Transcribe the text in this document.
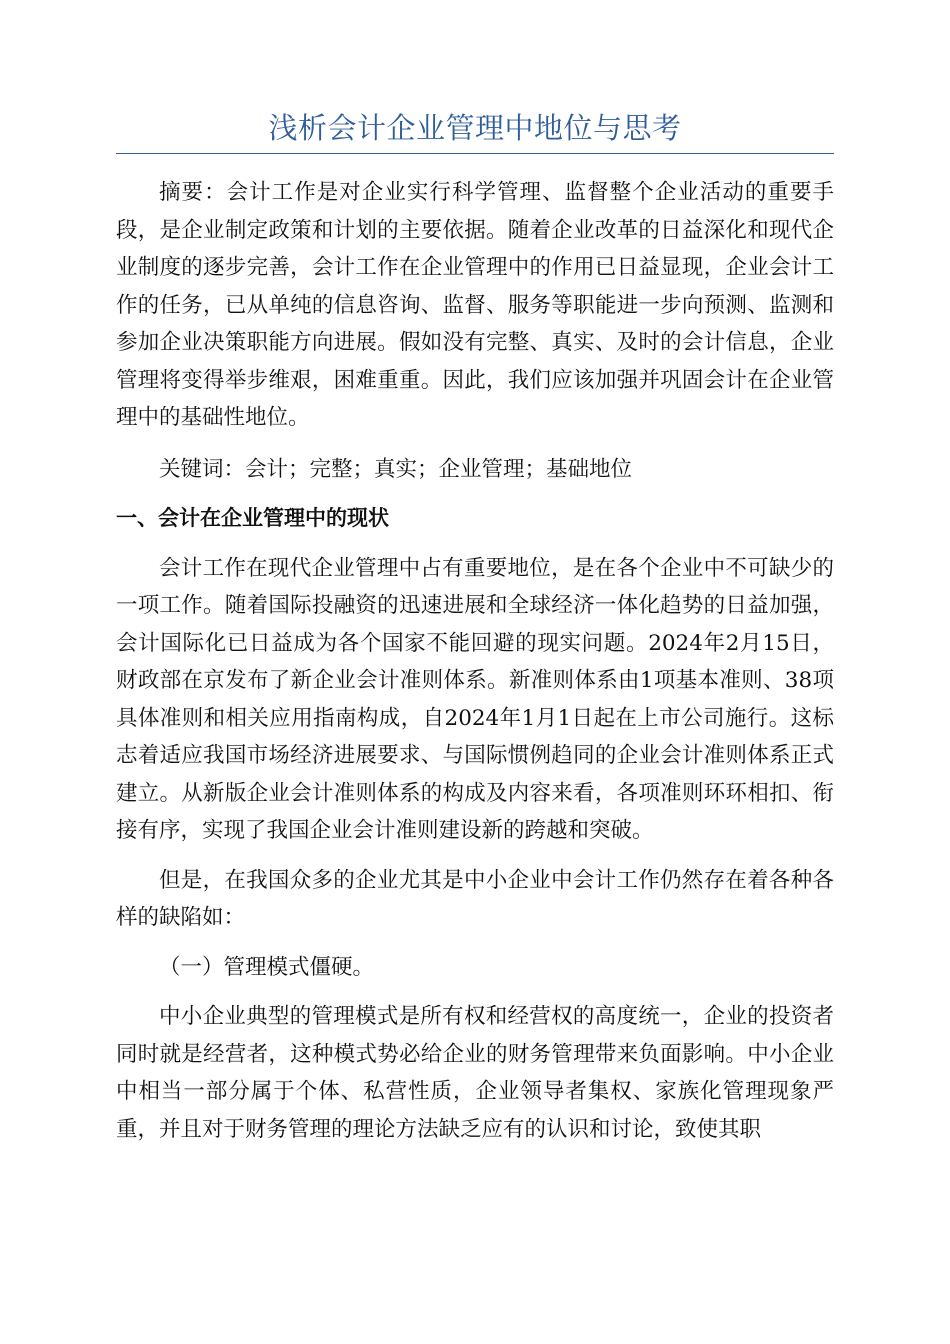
浅析会计企业管理中地位与思考

摘要：会计工作是对企业实行科学管理、监督整个企业活动的重要手段，是企业制定政策和计划的主要依据。随着企业改革的日益深化和现代企业制度的逐步完善，会计工作在企业管理中的作用已日益显现，企业会计工作的任务，已从单纯的信息咨询、监督、服务等职能进一步向预测、监测和参加企业决策职能方向进展。假如没有完整、真实、及时的会计信息，企业管理将变得举步维艰，困难重重。因此，我们应该加强并巩固会计在企业管理中的基础性地位。

关键词：会计；完整；真实；企业管理；基础地位

一、会计在企业管理中的现状

会计工作在现代企业管理中占有重要地位，是在各个企业中不可缺少的一项工作。随着国际投融资的迅速进展和全球经济一体化趋势的日益加强，会计国际化已日益成为各个国家不能回避的现实问题。2024年2月15日，财政部在京发布了新企业会计准则体系。新准则体系由1项基本准则、38项具体准则和相关应用指南构成，自2024年1月1日起在上市公司施行。这标志着适应我国市场经济进展要求、与国际惯例趋同的企业会计准则体系正式建立。从新版企业会计准则体系的构成及内容来看，各项准则环环相扣、衔接有序，实现了我国企业会计准则建设新的跨越和突破。

但是，在我国众多的企业尤其是中小企业中会计工作仍然存在着各种各样的缺陷如：

（一）管理模式僵硬。

中小企业典型的管理模式是所有权和经营权的高度统一，企业的投资者同时就是经营者，这种模式势必给企业的财务管理带来负面影响。中小企业中相当一部分属于个体、私营性质，企业领导者集权、家族化管理现象严重，并且对于财务管理的理论方法缺乏应有的认识和讨论，致使其职
